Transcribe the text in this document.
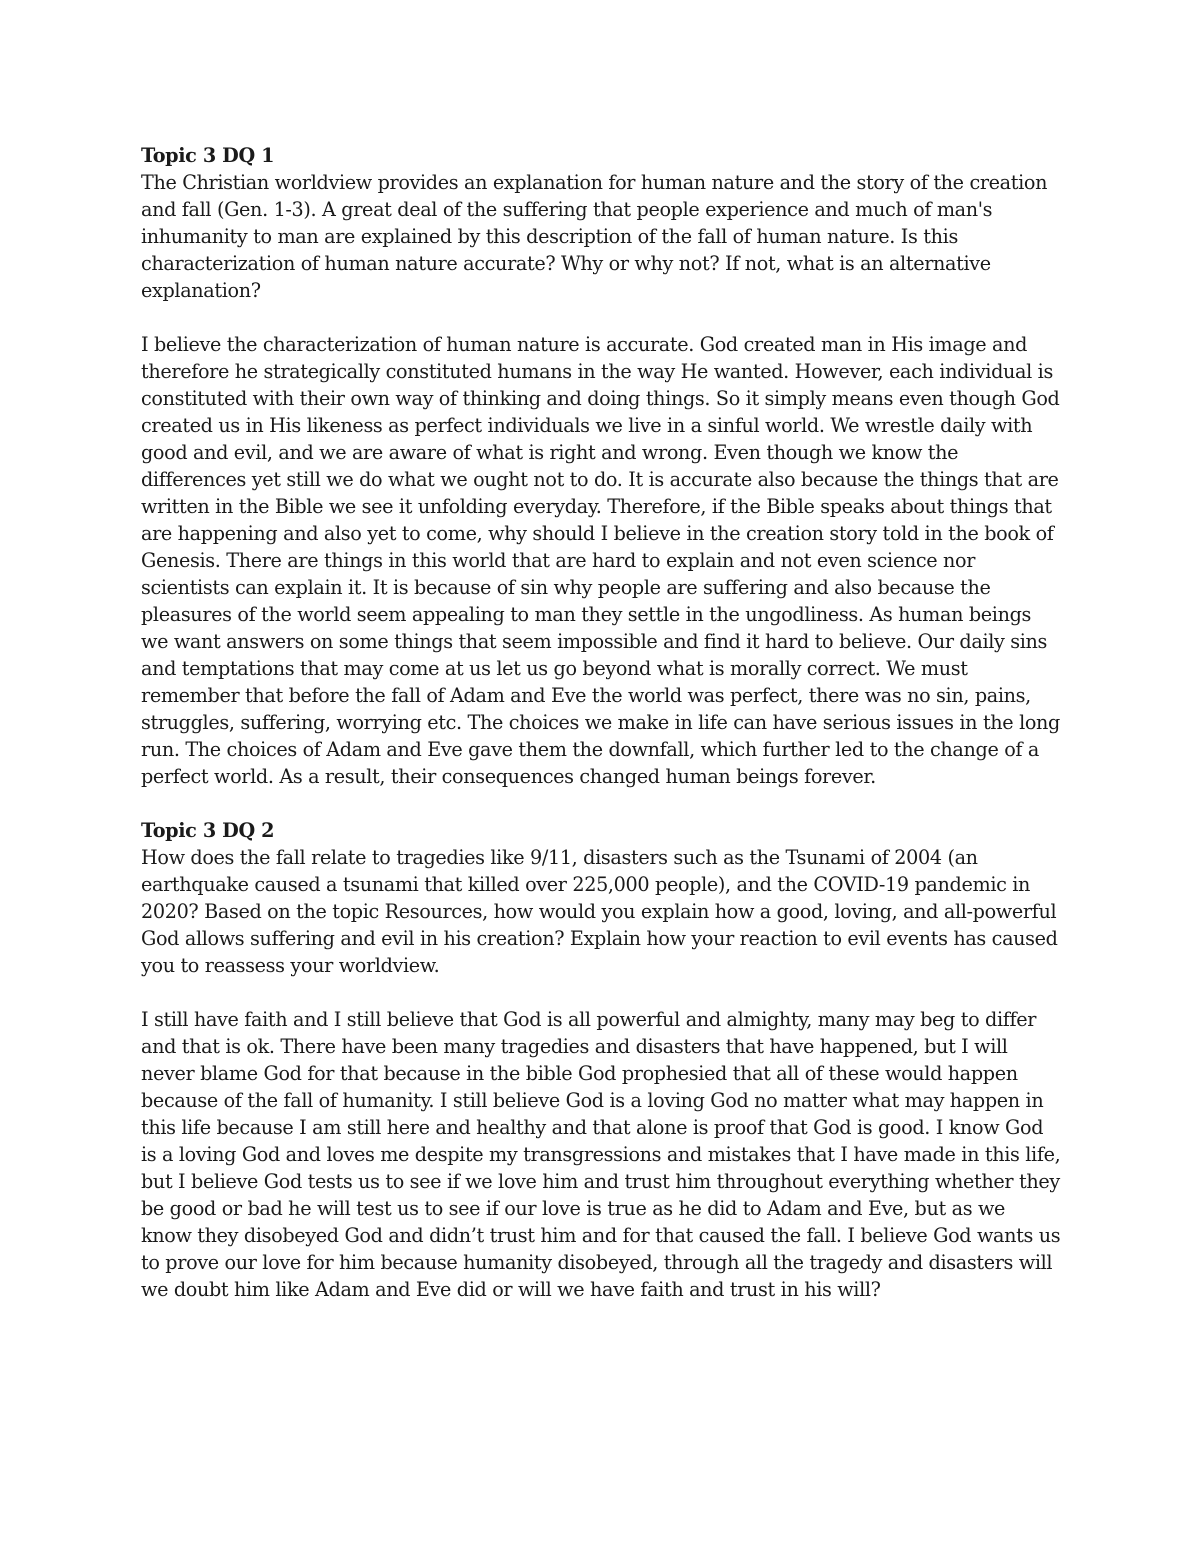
Topic 3 DQ 1

The Christian worldview provides an explanation for human nature and the story of the creation and fall (Gen. 1-3). A great deal of the suffering that people experience and much of man's inhumanity to man are explained by this description of the fall of human nature. Is this characterization of human nature accurate? Why or why not? If not, what is an alternative explanation?

I believe the characterization of human nature is accurate. God created man in His image and therefore he strategically constituted humans in the way He wanted. However, each individual is constituted with their own way of thinking and doing things. So it simply means even though God created us in His likeness as perfect individuals we live in a sinful world. We wrestle daily with good and evil, and we are aware of what is right and wrong. Even though we know the differences yet still we do what we ought not to do. It is accurate also because the things that are written in the Bible we see it unfolding everyday. Therefore, if the Bible speaks about things that are happening and also yet to come, why should I believe in the creation story told in the book of Genesis. There are things in this world that are hard to explain and not even science nor scientists can explain it. It is because of sin why people are suffering and also because the pleasures of the world seem appealing to man they settle in the ungodliness. As human beings we want answers on some things that seem impossible and find it hard to believe. Our daily sins and temptations that may come at us let us go beyond what is morally correct. We must remember that before the fall of Adam and Eve the world was perfect, there was no sin, pains, struggles, suffering, worrying etc. The choices we make in life can have serious issues in the long run. The choices of Adam and Eve gave them the downfall, which further led to the change of a perfect world. As a result, their consequences changed human beings forever.

Topic 3 DQ 2

How does the fall relate to tragedies like 9/11, disasters such as the Tsunami of 2004 (an earthquake caused a tsunami that killed over 225,000 people), and the COVID-19 pandemic in 2020? Based on the topic Resources, how would you explain how a good, loving, and all-powerful God allows suffering and evil in his creation? Explain how your reaction to evil events has caused you to reassess your worldview.

I still have faith and I still believe that God is all powerful and almighty, many may beg to differ and that is ok. There have been many tragedies and disasters that have happened, but I will never blame God for that because in the bible God prophesied that all of these would happen because of the fall of humanity. I still believe God is a loving God no matter what may happen in this life because I am still here and healthy and that alone is proof that God is good. I know God is a loving God and loves me despite my transgressions and mistakes that I have made in this life, but I believe God tests us to see if we love him and trust him throughout everything whether they be good or bad he will test us to see if our love is true as he did to Adam and Eve, but as we know they disobeyed God and didn’t trust him and for that caused the fall. I believe God wants us to prove our love for him because humanity disobeyed, through all the tragedy and disasters will we doubt him like Adam and Eve did or will we have faith and trust in his will?
